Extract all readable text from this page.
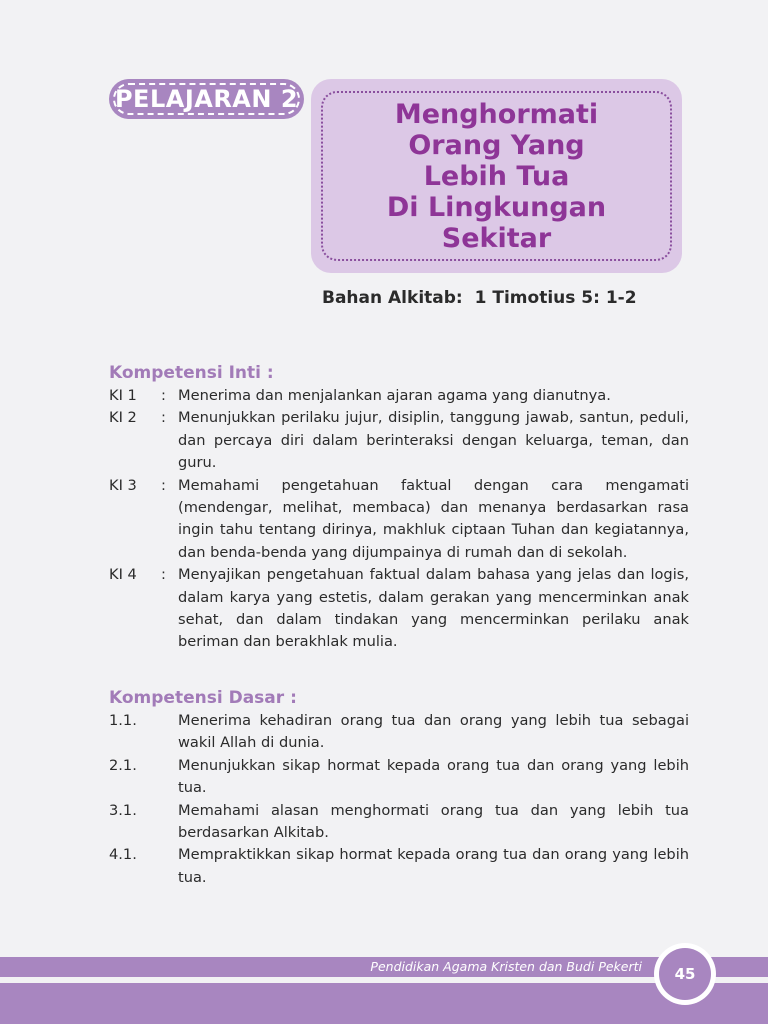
PELAJARAN 2	Menghormati
Orang Yang
Lebih Tua
Di Lingkungan
Sekitar
Bahan Alkitab: 1 Timotius 5: 1-2
Kompetensi Inti :
KI 1	: Menerima dan menjalankan ajaran agama yang dianutnya.
KI 2	: Menunjukkan perilaku jujur, disiplin, tanggung jawab, santun, peduli, dan percaya diri dalam berinteraksi dengan keluarga, teman, dan guru.
KI 3	: Memahami pengetahuan faktual dengan cara mengamati (mendengar, melihat, membaca) dan menanya berdasarkan rasa ingin tahu tentang dirinya, makhluk ciptaan Tuhan dan kegiatannya, dan benda-benda yang dijumpainya di rumah dan di sekolah.
KI 4	: Menyajikan pengetahuan faktual dalam bahasa yang jelas dan logis, dalam karya yang estetis, dalam gerakan yang mencerminkan anak sehat, dan dalam tindakan yang mencerminkan perilaku anak beriman dan berakhlak mulia.
Kompetensi Dasar :
1.1.	Menerima kehadiran orang tua dan orang yang lebih tua sebagai wakil Allah di dunia.
2.1.	Menunjukkan sikap hormat kepada orang tua dan orang yang lebih tua.
3.1.	Memahami alasan menghormati orang tua dan yang lebih tua berdasarkan Alkitab.
4.1.	Mempraktikkan sikap hormat kepada orang tua dan orang yang lebih tua.
Pendidikan Agama Kristen dan Budi Pekerti	45
